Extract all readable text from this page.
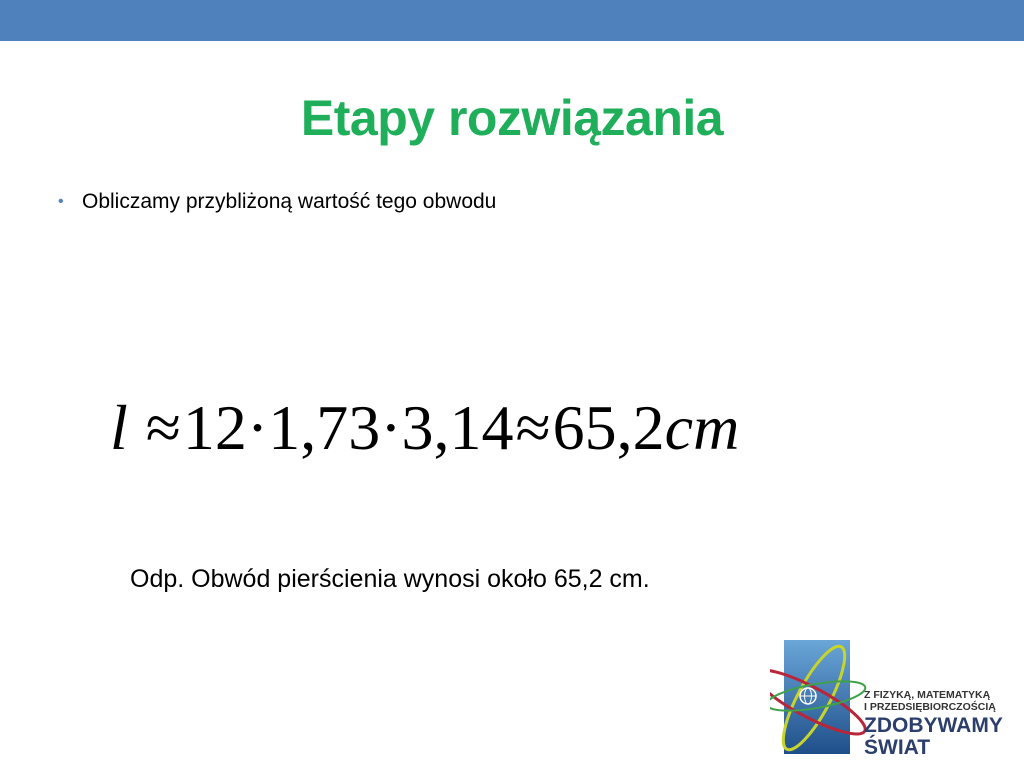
Etapy rozwiązania
• Obliczamy przybliżoną wartość tego obwodu
l ≈12·1,73·3,14≈65,2cm
Odp. Obwód pierścienia wynosi około 65,2 cm.
Z FIZYKĄ, MATEMATYKĄ
I PRZEDSIĘBIORCZOŚCIĄ
ZDOBYWAMY
ŚWIAT
